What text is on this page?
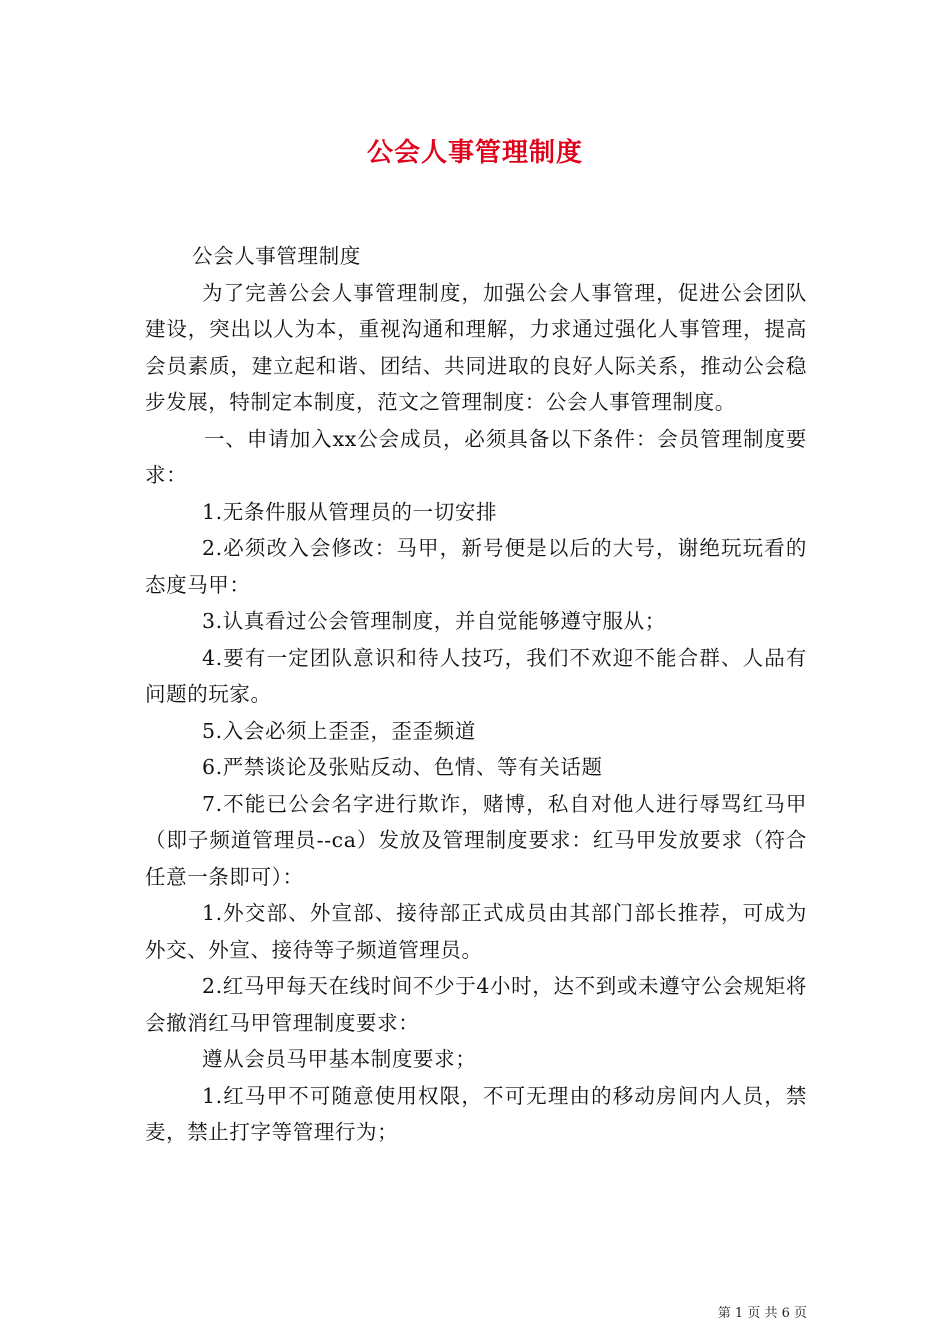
公会人事管理制度

公会人事管理制度

为了完善公会人事管理制度，加强公会人事管理，促进公会团队建设，突出以人为本，重视沟通和理解，力求通过强化人事管理，提高会员素质，建立起和谐、团结、共同进取的良好人际关系，推动公会稳步发展，特制定本制度，范文之管理制度：公会人事管理制度。

一、申请加入xx公会成员，必须具备以下条件：会员管理制度要求：

1.无条件服从管理员的一切安排

2.必须改入会修改：马甲，新号便是以后的大号，谢绝玩玩看的态度马甲：

3.认真看过公会管理制度，并自觉能够遵守服从；

4.要有一定团队意识和待人技巧，我们不欢迎不能合群、人品有问题的玩家。

5.入会必须上歪歪，歪歪频道

6.严禁谈论及张贴反动、色情、等有关话题

7.不能已公会名字进行欺诈，赌博，私自对他人进行辱骂红马甲（即子频道管理员--ca）发放及管理制度要求：红马甲发放要求（符合任意一条即可）：

1.外交部、外宣部、接待部正式成员由其部门部长推荐，可成为外交、外宣、接待等子频道管理员。

2.红马甲每天在线时间不少于4小时，达不到或未遵守公会规矩将会撤消红马甲管理制度要求：

遵从会员马甲基本制度要求；

1.红马甲不可随意使用权限，不可无理由的移动房间内人员，禁麦，禁止打字等管理行为；

第 1 页 共 6 页
